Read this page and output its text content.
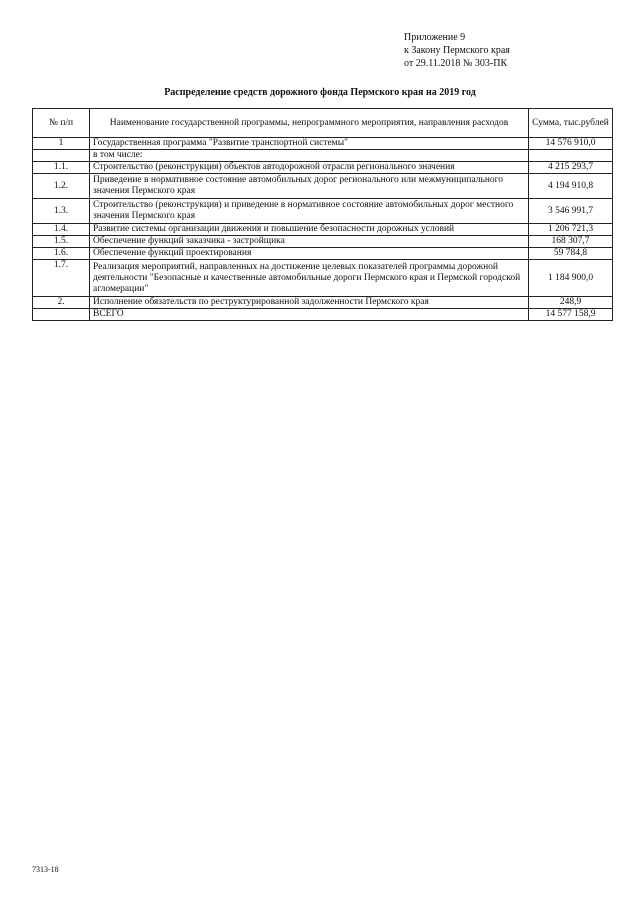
Приложение 9
к Закону Пермского края
от 29.11.2018 № 303-ПК
Распределение средств дорожного фонда Пермского края на 2019 год
№ п/п	Наименование государственной программы, непрограммного мероприятия, направления расходов	Сумма, тыс.рублей
1	Государственная программа "Развитие транспортной системы"	14 576 910,0
	в том числе:	
1.1.	Строительство (реконструкция) объектов автодорожной отрасли регионального значения	4 215 293,7
1.2.	Приведение в нормативное состояние автомобильных дорог регионального или межмуниципального значения Пермского края	4 194 910,8
1.3.	Строительство (реконструкция) и приведение в нормативное состояние автомобильных дорог местного значения Пермского края	3 546 991,7
1.4.	Развитие системы организации движения и повышение безопасности дорожных условий	1 206 721,3
1.5.	Обеспечение функций заказчика - застройщика	168 307,7
1.6.	Обеспечение функций проектирования	59 784,8
1.7.	Реализация мероприятий, направленных на достижение целевых показателей программы дорожной деятельности "Безопасные и качественные автомобильные дороги Пермского края и Пермской городской агломерации"	1 184 900,0
2.	Исполнение обязательств по реструктурированной задолженности Пермского края	248,9
	ВСЕГО	14 577 158,9
7313-18
